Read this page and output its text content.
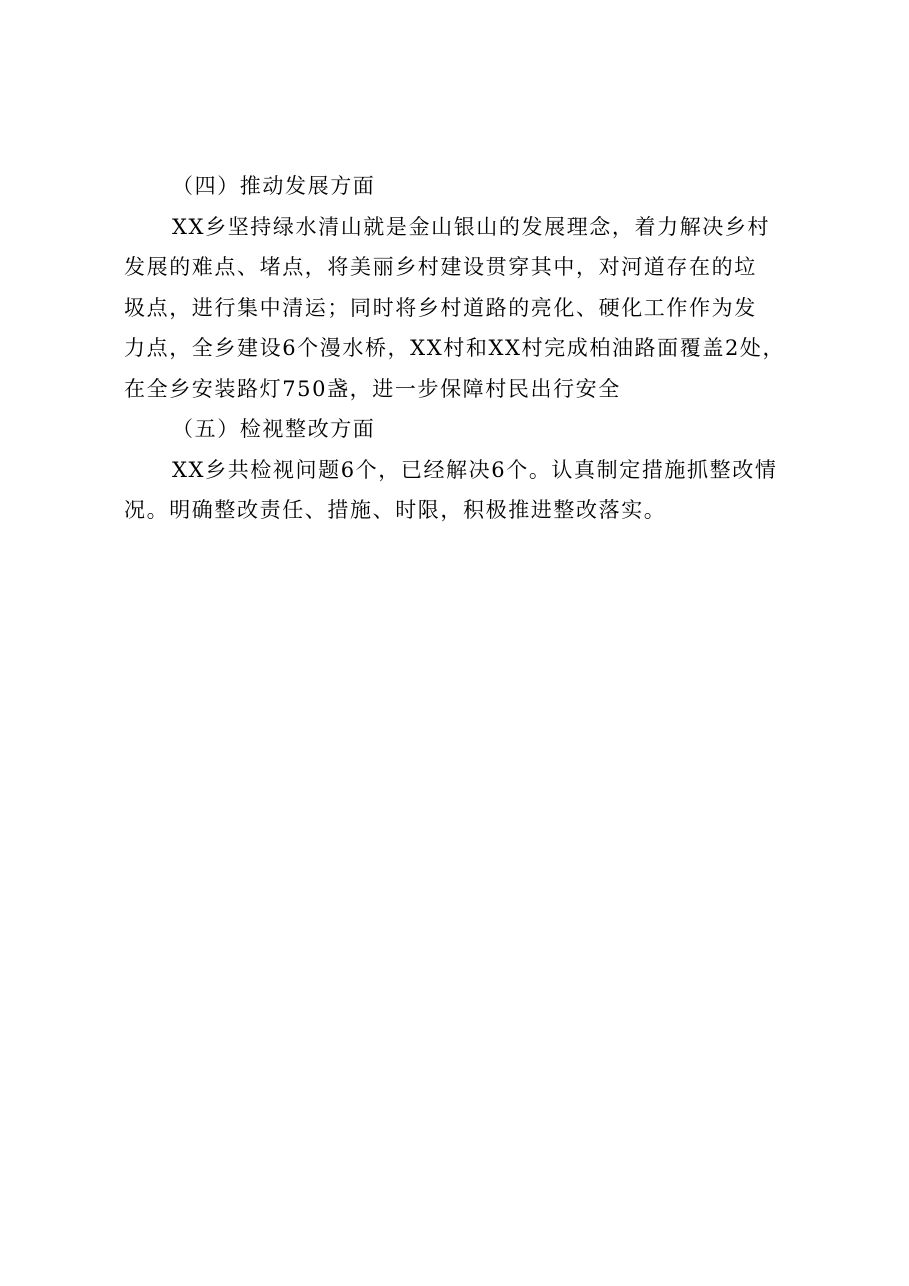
（四）推动发展方面

XX乡坚持绿水清山就是金山银山的发展理念，着力解决乡村
发展的难点、堵点，将美丽乡村建设贯穿其中，对河道存在的垃
圾点，进行集中清运；同时将乡村道路的亮化、硬化工作作为发
力点，全乡建设6个漫水桥，XX村和XX村完成柏油路面覆盖2处，
在全乡安装路灯750盏，进一步保障村民出行安全

（五）检视整改方面

XX乡共检视问题6个，已经解决6个。认真制定措施抓整改情
况。明确整改责任、措施、时限，积极推进整改落实。
